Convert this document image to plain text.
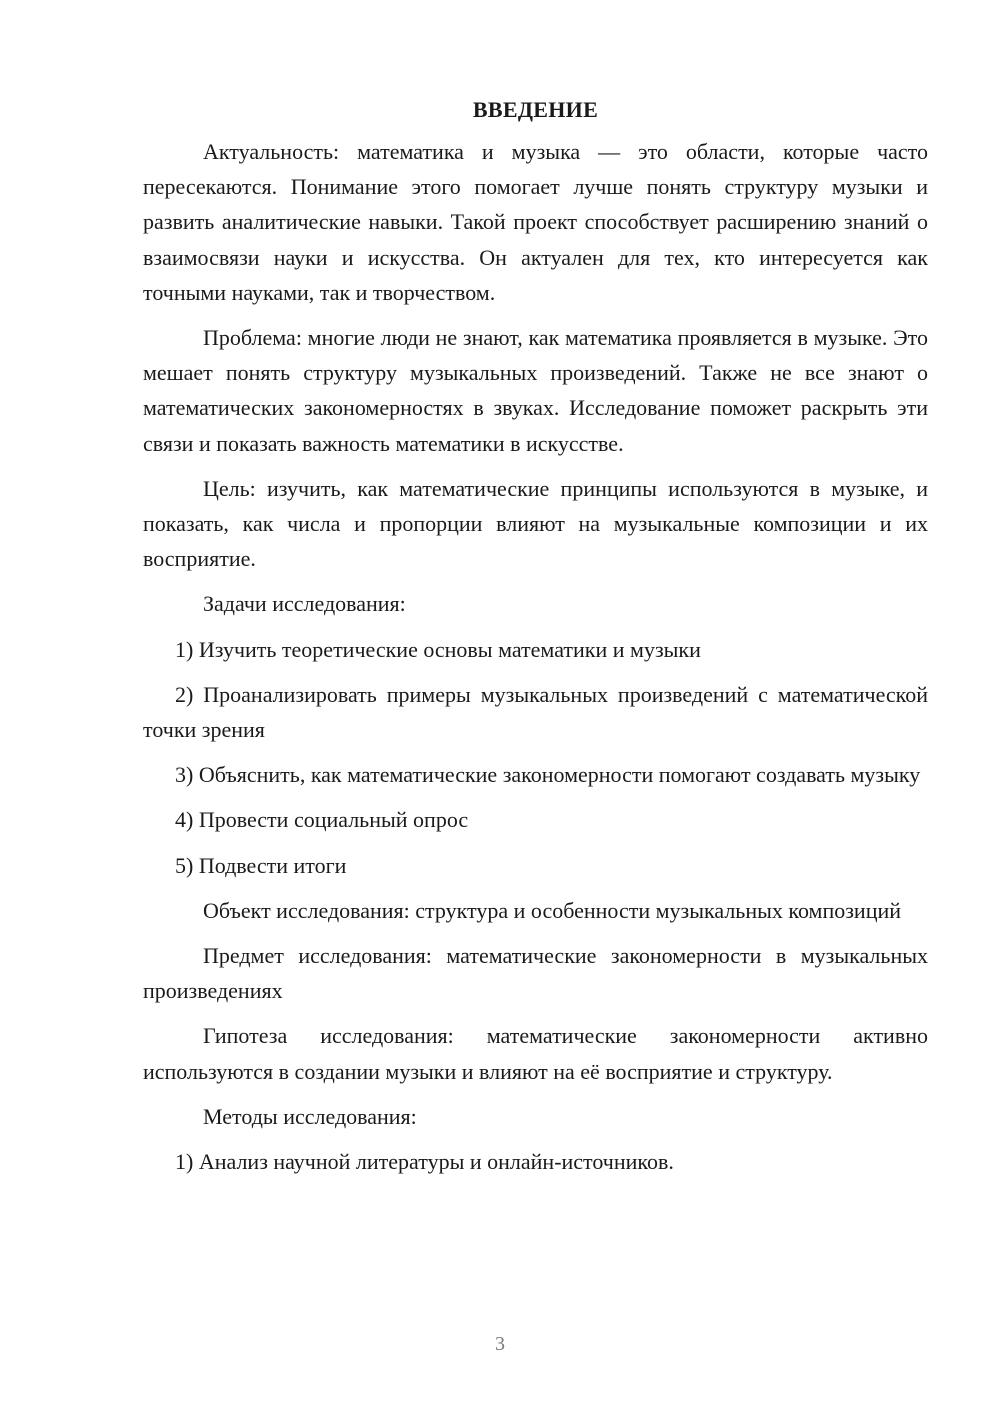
ВВЕДЕНИЕ

Актуальность: математика и музыка — это области, которые часто пересекаются. Понимание этого помогает лучше понять структуру музыки и развить аналитические навыки. Такой проект способствует расширению знаний о взаимосвязи науки и искусства. Он актуален для тех, кто интересуется как точными науками, так и творчеством.

Проблема: многие люди не знают, как математика проявляется в музыке. Это мешает понять структуру музыкальных произведений. Также не все знают о математических закономерностях в звуках. Исследование поможет раскрыть эти связи и показать важность математики в искусстве.

Цель: изучить, как математические принципы используются в музыке, и показать, как числа и пропорции влияют на музыкальные композиции и их восприятие.

Задачи исследования:

1) Изучить теоретические основы математики и музыки

2) Проанализировать примеры музыкальных произведений с математической точки зрения

3) Объяснить, как математические закономерности помогают создавать музыку

4) Провести социальный опрос

5) Подвести итоги

Объект исследования: структура и особенности музыкальных композиций

Предмет исследования: математические закономерности в музыкальных произведениях

Гипотеза исследования: математические закономерности активно используются в создании музыки и влияют на её восприятие и структуру.

Методы исследования:

1) Анализ научной литературы и онлайн-источников.

3
